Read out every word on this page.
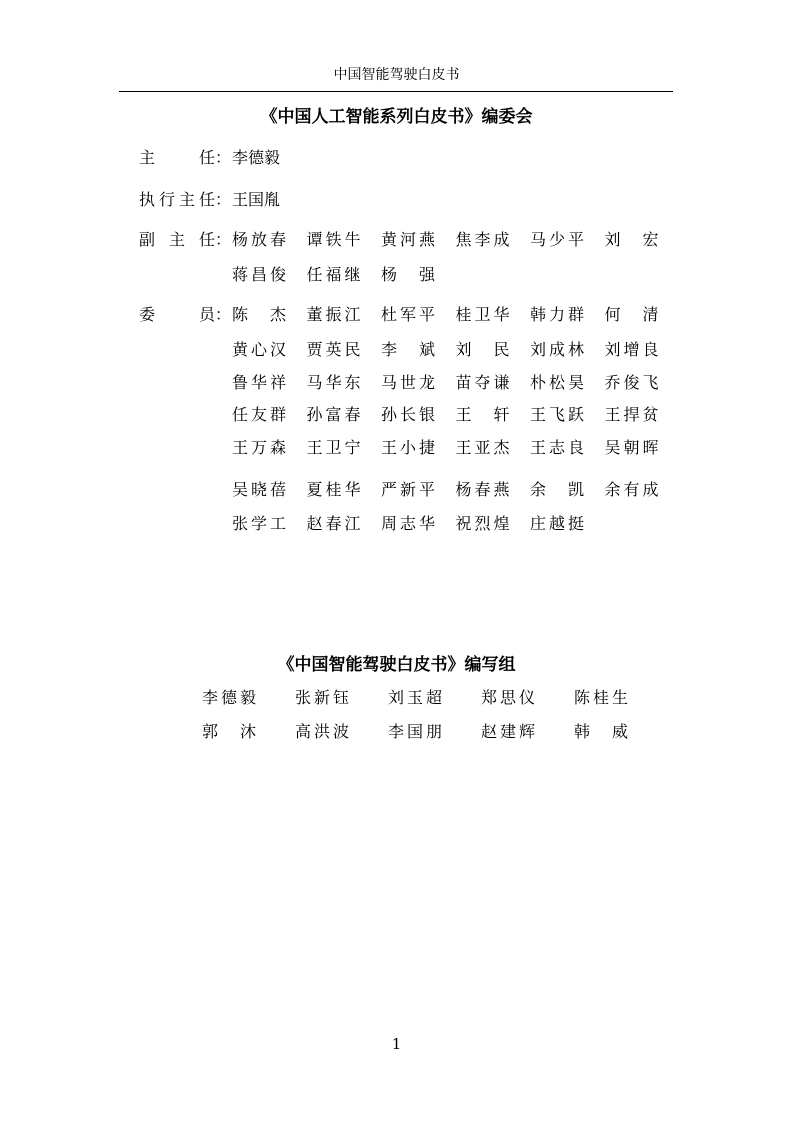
中国智能驾驶白皮书
《中国人工智能系列白皮书》编委会
主	任 ： 李德毅
执 行 主 任 ： 王国胤
副 主 任 ： 杨 放 春 谭 铁 牛 黄 河 燕 焦 李 成 马 少 平 刘 宏
蒋 昌 俊 任 福 继 杨 强
委	员 ： 陈 杰 董 振 江 杜 军 平 桂 卫 华 韩 力 群 何 清
黄 心 汉 贾 英 民 李 斌 刘 民 刘 成 林 刘 增 良
鲁 华 祥 马 华 东 马 世 龙 苗 夺 谦 朴 松 昊 乔 俊 飞
任 友 群 孙 富 春 孙 长 银 王 轩 王 飞 跃 王 捍 贫
王 万 森 王 卫 宁 王 小 捷 王 亚 杰 王 志 良 吴 朝 晖
吴 晓 蓓 夏 桂 华 严 新 平 杨 春 燕 余 凯 余 有 成
张 学 工 赵 春 江 周 志 华 祝 烈 煌 庄 越 挺
《中国智能驾驶白皮书》编写组
李 德 毅 张 新 钰 刘 玉 超 郑 思 仪 陈 桂 生
郭 沐 高 洪 波 李 国 朋 赵 建 辉 韩 威
1
